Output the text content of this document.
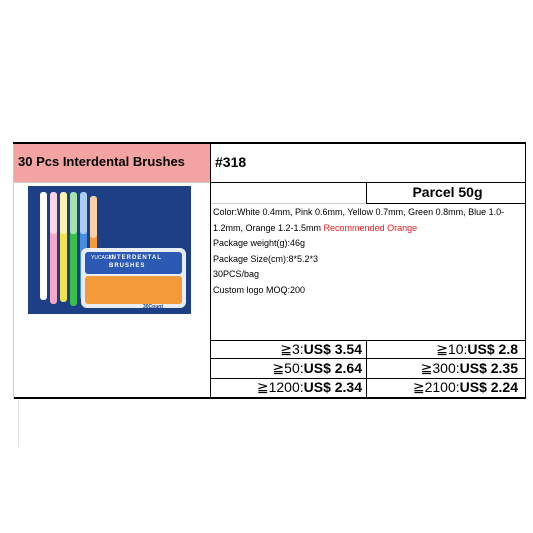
30 Pcs Interdental Brushes #318
Parcel 50g
YUCAGIC
INTERDENTAL
BRUSHES
30Count
Color:White 0.4mm, Pink 0.6mm, Yellow 0.7mm, Green 0.8mm, Blue 1.0-1.2mm, Orange 1.2-1.5mm Recommended Orange
Package weight(g):46g
Package Size(cm):8*5.2*3
30PCS/bag
Custom logo MOQ:200
≧3:US$ 3.54	≧10:US$ 2.8
≧50:US$ 2.64	≧300:US$ 2.35
≧1200:US$ 2.34	≧2100:US$ 2.24
